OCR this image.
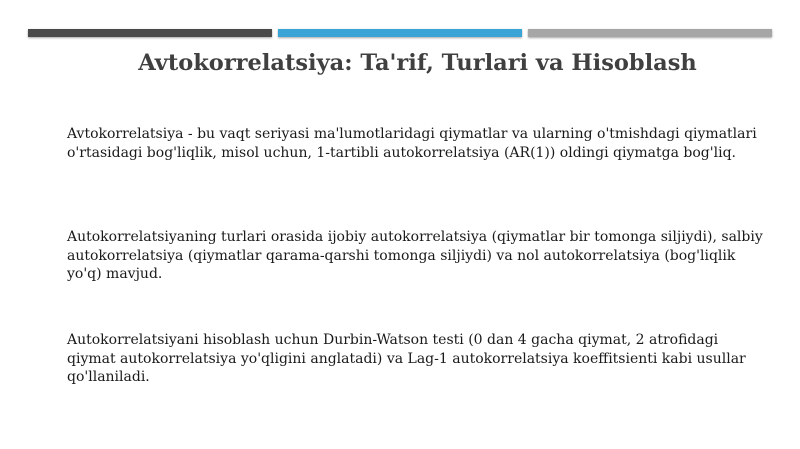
Avtokorrelatsiya: Ta'rif, Turlari va Hisoblash

Avtokorrelatsiya - bu vaqt seriyasi ma'lumotlaridagi qiymatlar va ularning o'tmishdagi qiymatlari o'rtasidagi bog'liqlik, misol uchun, 1-tartibli autokorrelatsiya (AR(1)) oldingi qiymatga bog'liq.

Autokorrelatsiyaning turlari orasida ijobiy autokorrelatsiya (qiymatlar bir tomonga siljiydi), salbiy autokorrelatsiya (qiymatlar qarama-qarshi tomonga siljiydi) va nol autokorrelatsiya (bog'liqlik yo'q) mavjud.

Autokorrelatsiyani hisoblash uchun Durbin-Watson testi (0 dan 4 gacha qiymat, 2 atrofidagi qiymat autokorrelatsiya yo'qligini anglatadi) va Lag-1 autokorrelatsiya koeffitsienti kabi usullar qo'llaniladi.
